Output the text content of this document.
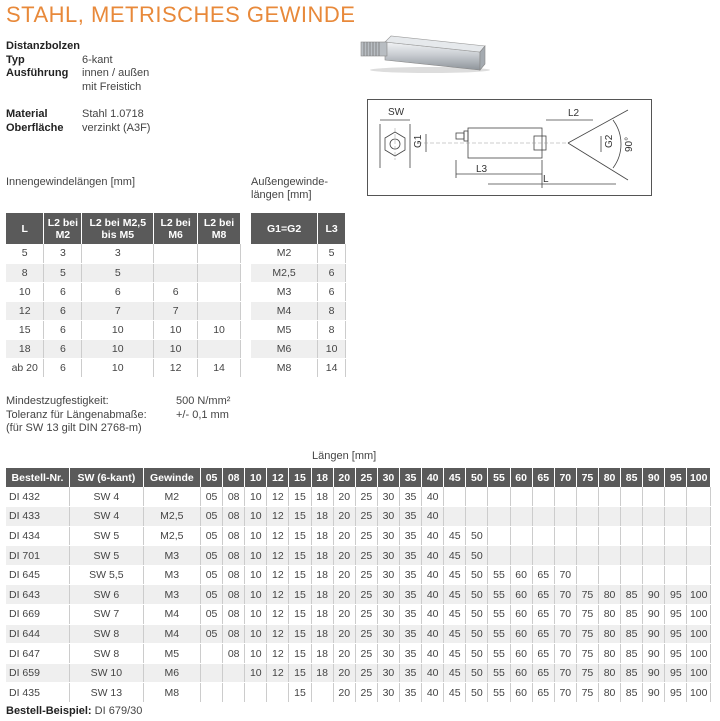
STAHL, METRISCHES GEWINDE
Distanzbolzen
Typ	6-kant
Ausführung	innen / außen
mit Freistich
Material	Stahl 1.0718
Oberfläche	verzinkt (A3F)
SW	L2
G1	G2 90°
L3
L
Innengewindelängen [mm]	Außengewinde-
längen [mm]
L	L2 bei M2	L2 bei M2,5 bis M5	L2 bei M6	L2 bei M8
5	3	3		
8	5	5		
10	6	6	6	
12	6	7	7	
15	6	10	10	10
18	6	10	10	
ab 20	6	10	12	14
G1=G2	L3
M2	5
M2,5	6
M3	6
M4	8
M5	8
M6	10
M8	14
Mindestzugfestigkeit:	500 N/mm²
Toleranz für Längenabmaße:	+/- 0,1 mm
(für SW 13 gilt DIN 2768-m)
Längen [mm]
Bestell-Nr.	SW (6-kant)	Gewinde	05	08	10	12	15	18	20	25	30	35	40	45	50	55	60	65	70	75	80	85	90	95	100
DI 432	SW 4	M2	05	08	10	12	15	18	20	25	30	35	40												
DI 433	SW 4	M2,5	05	08	10	12	15	18	20	25	30	35	40												
DI 434	SW 5	M2,5	05	08	10	12	15	18	20	25	30	35	40	45	50										
DI 701	SW 5	M3	05	08	10	12	15	18	20	25	30	35	40	45	50										
DI 645	SW 5,5	M3	05	08	10	12	15	18	20	25	30	35	40	45	50	55	60	65	70						
DI 643	SW 6	M3	05	08	10	12	15	18	20	25	30	35	40	45	50	55	60	65	70	75	80	85	90	95	100
DI 669	SW 7	M4	05	08	10	12	15	18	20	25	30	35	40	45	50	55	60	65	70	75	80	85	90	95	100
DI 644	SW 8	M4	05	08	10	12	15	18	20	25	30	35	40	45	50	55	60	65	70	75	80	85	90	95	100
DI 647	SW 8	M5		08	10	12	15	18	20	25	30	35	40	45	50	55	60	65	70	75	80	85	90	95	100
DI 659	SW 10	M6			10	12	15	18	20	25	30	35	40	45	50	55	60	65	70	75	80	85	90	95	100
DI 435	SW 13	M8					15		20	25	30	35	40	45	50	55	60	65	70	75	80	85	90	95	100
Bestell-Beispiel: DI 679/30
